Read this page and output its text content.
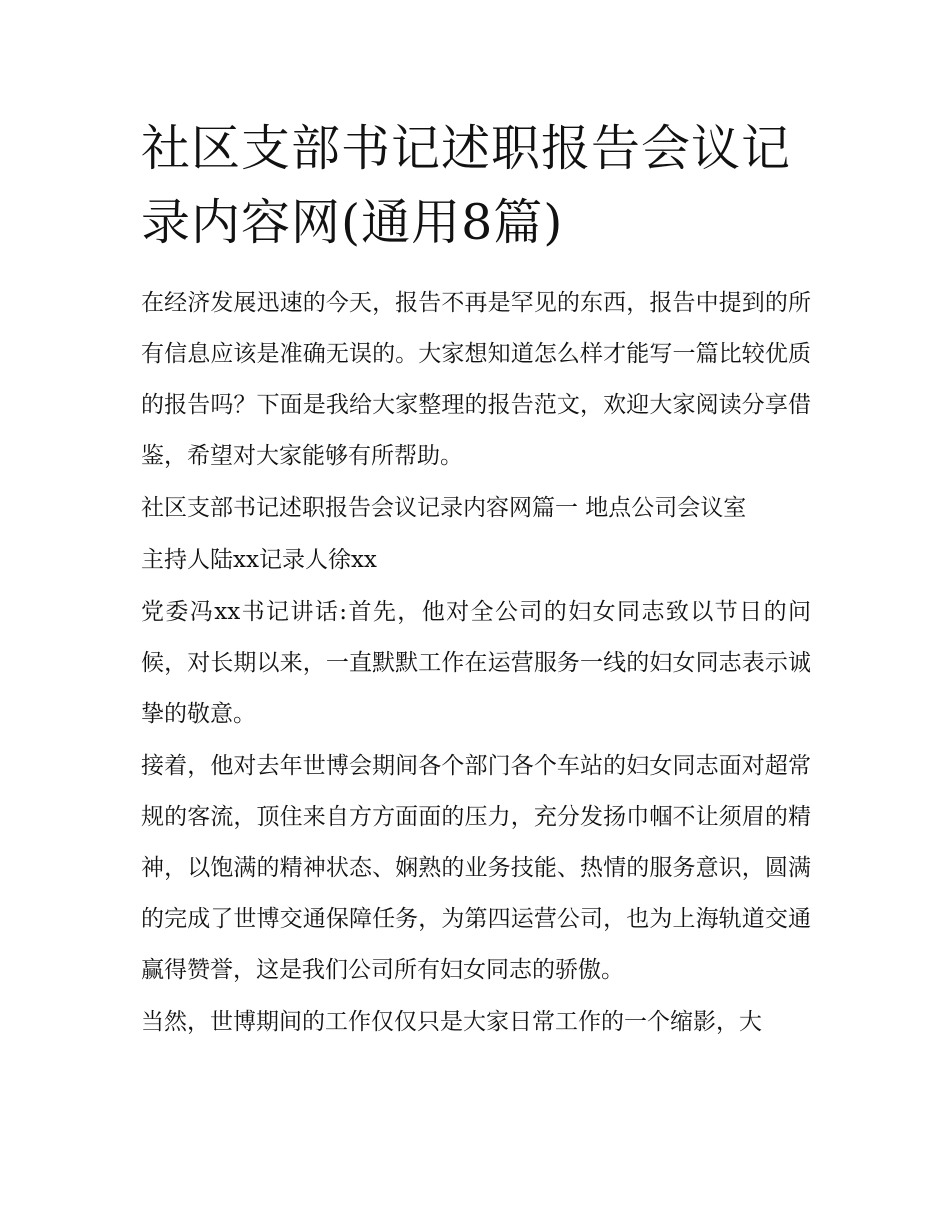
社区支部书记述职报告会议记录内容网(通用8篇)

在经济发展迅速的今天，报告不再是罕见的东西，报告中提到的所有信息应该是准确无误的。大家想知道怎么样才能写一篇比较优质的报告吗？下面是我给大家整理的报告范文，欢迎大家阅读分享借鉴，希望对大家能够有所帮助。

社区支部书记述职报告会议记录内容网篇一 地点公司会议室

主持人陆xx记录人徐xx

党委冯xx书记讲话:首先，他对全公司的妇女同志致以节日的问候，对长期以来，一直默默工作在运营服务一线的妇女同志表示诚挚的敬意。

接着，他对去年世博会期间各个部门各个车站的妇女同志面对超常规的客流，顶住来自方方面面的压力，充分发扬巾帼不让须眉的精神，以饱满的精神状态、娴熟的业务技能、热情的服务意识，圆满的完成了世博交通保障任务，为第四运营公司，也为上海轨道交通赢得赞誉，这是我们公司所有妇女同志的骄傲。

当然，世博期间的工作仅仅只是大家日常工作的一个缩影，大
